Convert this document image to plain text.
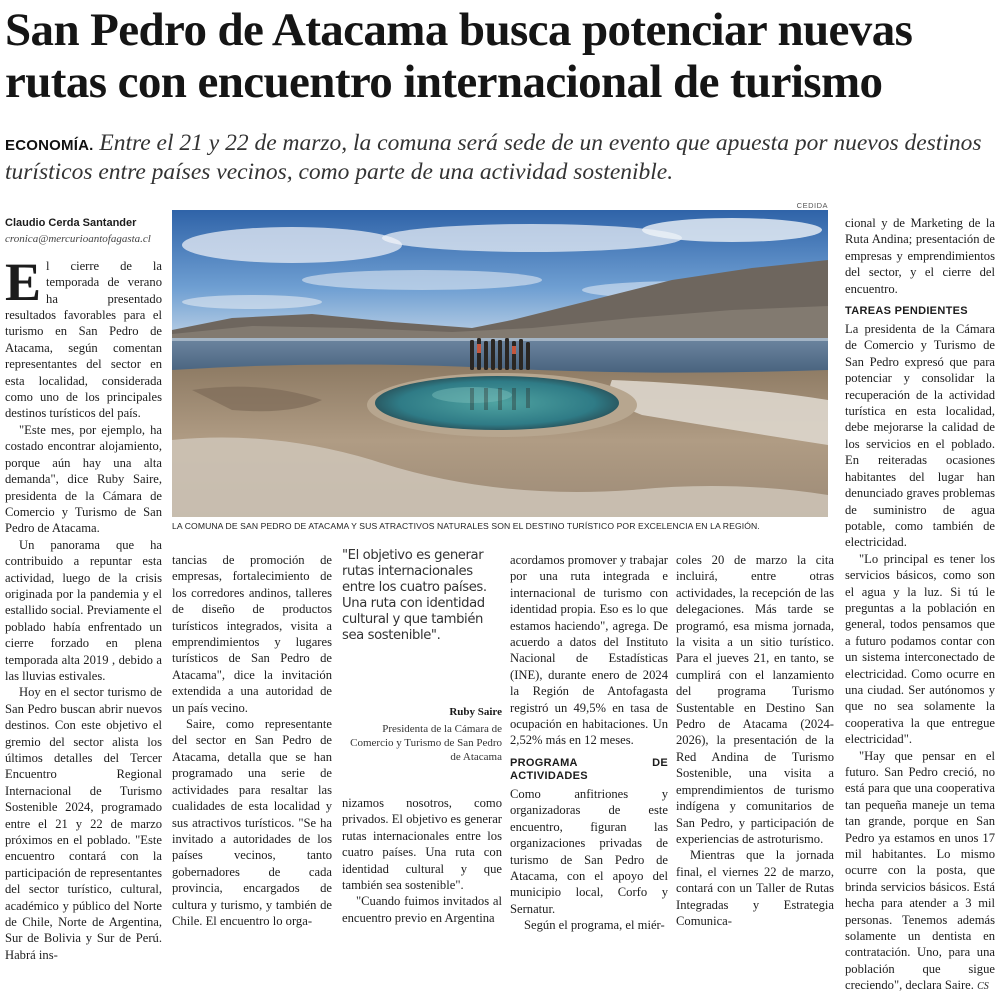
San Pedro de Atacama busca potenciar nuevas rutas con encuentro internacional de turismo
ECONOMÍA. Entre el 21 y 22 de marzo, la comuna será sede de un evento que apuesta por nuevos destinos turísticos entre países vecinos, como parte de una actividad sostenible.
CEDIDA
LA COMUNA DE SAN PEDRO DE ATACAMA Y SUS ATRACTIVOS NATURALES SON EL DESTINO TURÍSTICO POR EXCELENCIA EN LA REGIÓN.
Claudio Cerda Santander
cronica@mercurioantofagasta.cl

El cierre de la temporada de verano ha presentado resultados favorables para el turismo en San Pedro de Atacama, según comentan representantes del sector en esta localidad, considerada como uno de los principales destinos turísticos del país.

"Este mes, por ejemplo, ha costado encontrar alojamiento, porque aún hay una alta demanda", dice Ruby Saire, presidenta de la Cámara de Comercio y Turismo de San Pedro de Atacama.

Un panorama que ha contribuido a repuntar esta actividad, luego de la crisis originada por la pandemia y el estallido social. Previamente el poblado había enfrentado un cierre forzado en plena temporada alta 2019 , debido a las lluvias estivales.

Hoy en el sector turismo de San Pedro buscan abrir nuevos destinos. Con este objetivo el gremio del sector alista los últimos detalles del Tercer Encuentro Regional Internacional de Turismo Sostenible 2024, programado entre el 21 y 22 de marzo próximos en el poblado. "Este encuentro contará con la participación de representantes del sector turístico, cultural, académico y público del Norte de Chile, Norte de Argentina, Sur de Bolivia y Sur de Perú. Habrá ins-

tancias de promoción de empresas, fortalecimiento de los corredores andinos, talleres de diseño de productos turísticos integrados, visita a emprendimientos y lugares turísticos de San Pedro de Atacama", dice la invitación extendida a una autoridad de un país vecino.

Saire, como representante del sector en San Pedro de Atacama, detalla que se han programado una serie de actividades para resaltar las cualidades de esta localidad y sus atractivos turísticos. "Se ha invitado a autoridades de los países vecinos, tanto gobernadores de cada provincia, encargados de cultura y turismo, y también de Chile. El encuentro lo orga-

"El objetivo es generar rutas internacionales entre los cuatro países. Una ruta con identidad cultural y que también sea sostenible".
Ruby Saire
Presidenta de la Cámara de Comercio y Turismo de San Pedro de Atacama

nizamos nosotros, como privados. El objetivo es generar rutas internacionales entre los cuatro países. Una ruta con identidad cultural y que también sea sostenible".

"Cuando fuimos invitados al encuentro previo en Argentina

acordamos promover y trabajar por una ruta integrada e internacional de turismo con identidad propia. Eso es lo que estamos haciendo", agrega. De acuerdo a datos del Instituto Nacional de Estadísticas (INE), durante enero de 2024 la Región de Antofagasta registró un 49,5% en tasa de ocupación en habitaciones. Un 2,52% más en 12 meses.

PROGRAMA DE ACTIVIDADES

Como anfitriones y organizadoras de este encuentro, figuran las organizaciones privadas de turismo de San Pedro de Atacama, con el apoyo del municipio local, Corfo y Sernatur.

Según el programa, el miér-

coles 20 de marzo la cita incluirá, entre otras actividades, la recepción de las delegaciones. Más tarde se programó, esa misma jornada, la visita a un sitio turístico. Para el jueves 21, en tanto, se cumplirá con el lanzamiento del programa Turismo Sustentable en Destino San Pedro de Atacama (2024-2026), la presentación de la Red Andina de Turismo Sostenible, una visita a emprendimientos de turismo indígena y comunitarios de San Pedro, y participación de experiencias de astroturismo.

Mientras que la jornada final, el viernes 22 de marzo, contará con un Taller de Rutas Integradas y Estrategia Comunica-

cional y de Marketing de la Ruta Andina; presentación de empresas y emprendimientos del sector, y el cierre del encuentro.

TAREAS PENDIENTES

La presidenta de la Cámara de Comercio y Turismo de San Pedro expresó que para potenciar y consolidar la recuperación de la actividad turística en esta localidad, debe mejorarse la calidad de los servicios en el poblado. En reiteradas ocasiones habitantes del lugar han denunciado graves problemas de suministro de agua potable, como también de electricidad.

"Lo principal es tener los servicios básicos, como son el agua y la luz. Si tú le preguntas a la población en general, todos pensamos que a futuro podamos contar con un sistema interconectado de electricidad. Como ocurre en una ciudad. Ser autónomos y que no sea solamente la cooperativa la que entregue electricidad".

"Hay que pensar en el futuro. San Pedro creció, no está para que una cooperativa tan pequeña maneje un tema tan grande, porque en San Pedro ya estamos en unos 17 mil habitantes. Lo mismo ocurre con la posta, que brinda servicios básicos. Está hecha para atender a 3 mil personas. Tenemos además solamente un dentista en contratación. Uno, para una población que sigue creciendo", declara Saire. CS
